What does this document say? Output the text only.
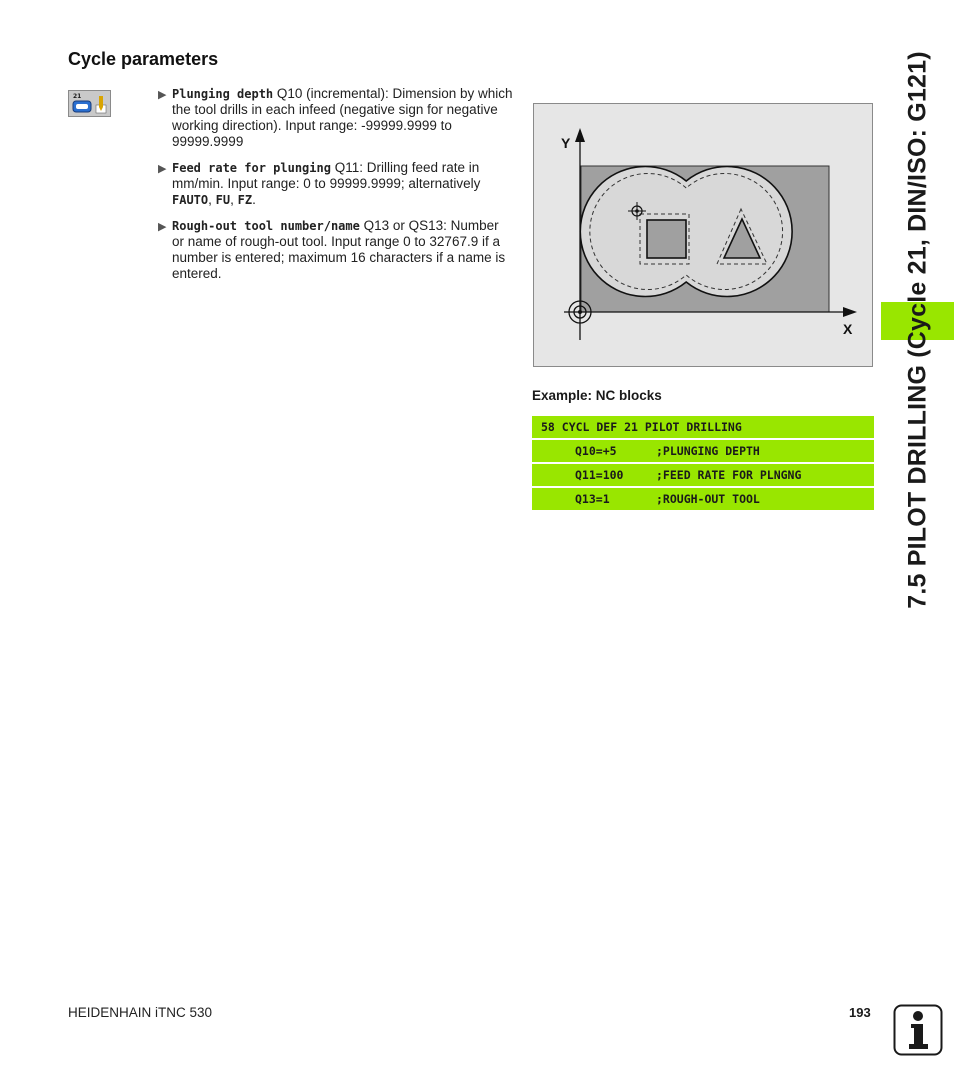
Cycle parameters
21	▶ Plunging depth Q10 (incremental): Dimension by which the tool drills in each infeed (negative sign for negative working direction). Input range: -99999.9999 to 99999.9999
▶ Feed rate for plunging Q11: Drilling feed rate in mm/min. Input range: 0 to 99999.9999; alternatively FAUTO, FU, FZ.
▶ Rough-out tool number/name Q13 or QS13: Number or name of rough-out tool. Input range 0 to 32767.9 if a number is entered; maximum 16 characters if a name is entered.
Y
X
Example: NC blocks
58 CYCL DEF 21 PILOT DRILLING
Q10=+5	;PLUNGING DEPTH
Q11=100	;FEED RATE FOR PLNGNG
Q13=1	;ROUGH-OUT TOOL	7.5 PILOT DRILLING (Cycle 21, DIN/ISO: G121)
HEIDENHAIN iTNC 530	193
